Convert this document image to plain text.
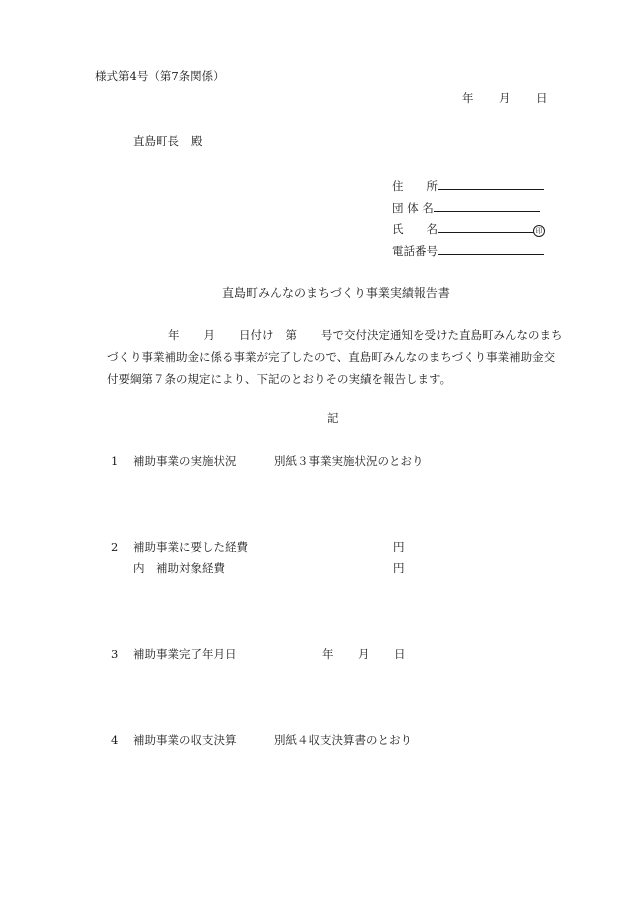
様式第4号（第7条関係）
年 月 日
直島町長 殿
住　　所
団 体 名
氏　　名	印
電話番号
直島町みんなのまちづくり事業実績報告書

年 月 日付け 第 号で交付決定通知を受けた直島町みんなのまち

づくり事業補助金に係る事業が完了したので、直島町みんなのまちづくり事業補助金交

付要綱第７条の規定により、下記のとおりその実績を報告します。

記
1 補助事業の実施状況	別紙３事業実施状況のとおり
2 補助事業に要した経費	円
内　補助対象経費	円
3 補助事業完了年月日	年 月 日
4 補助事業の収支決算	別紙４収支決算書のとおり
